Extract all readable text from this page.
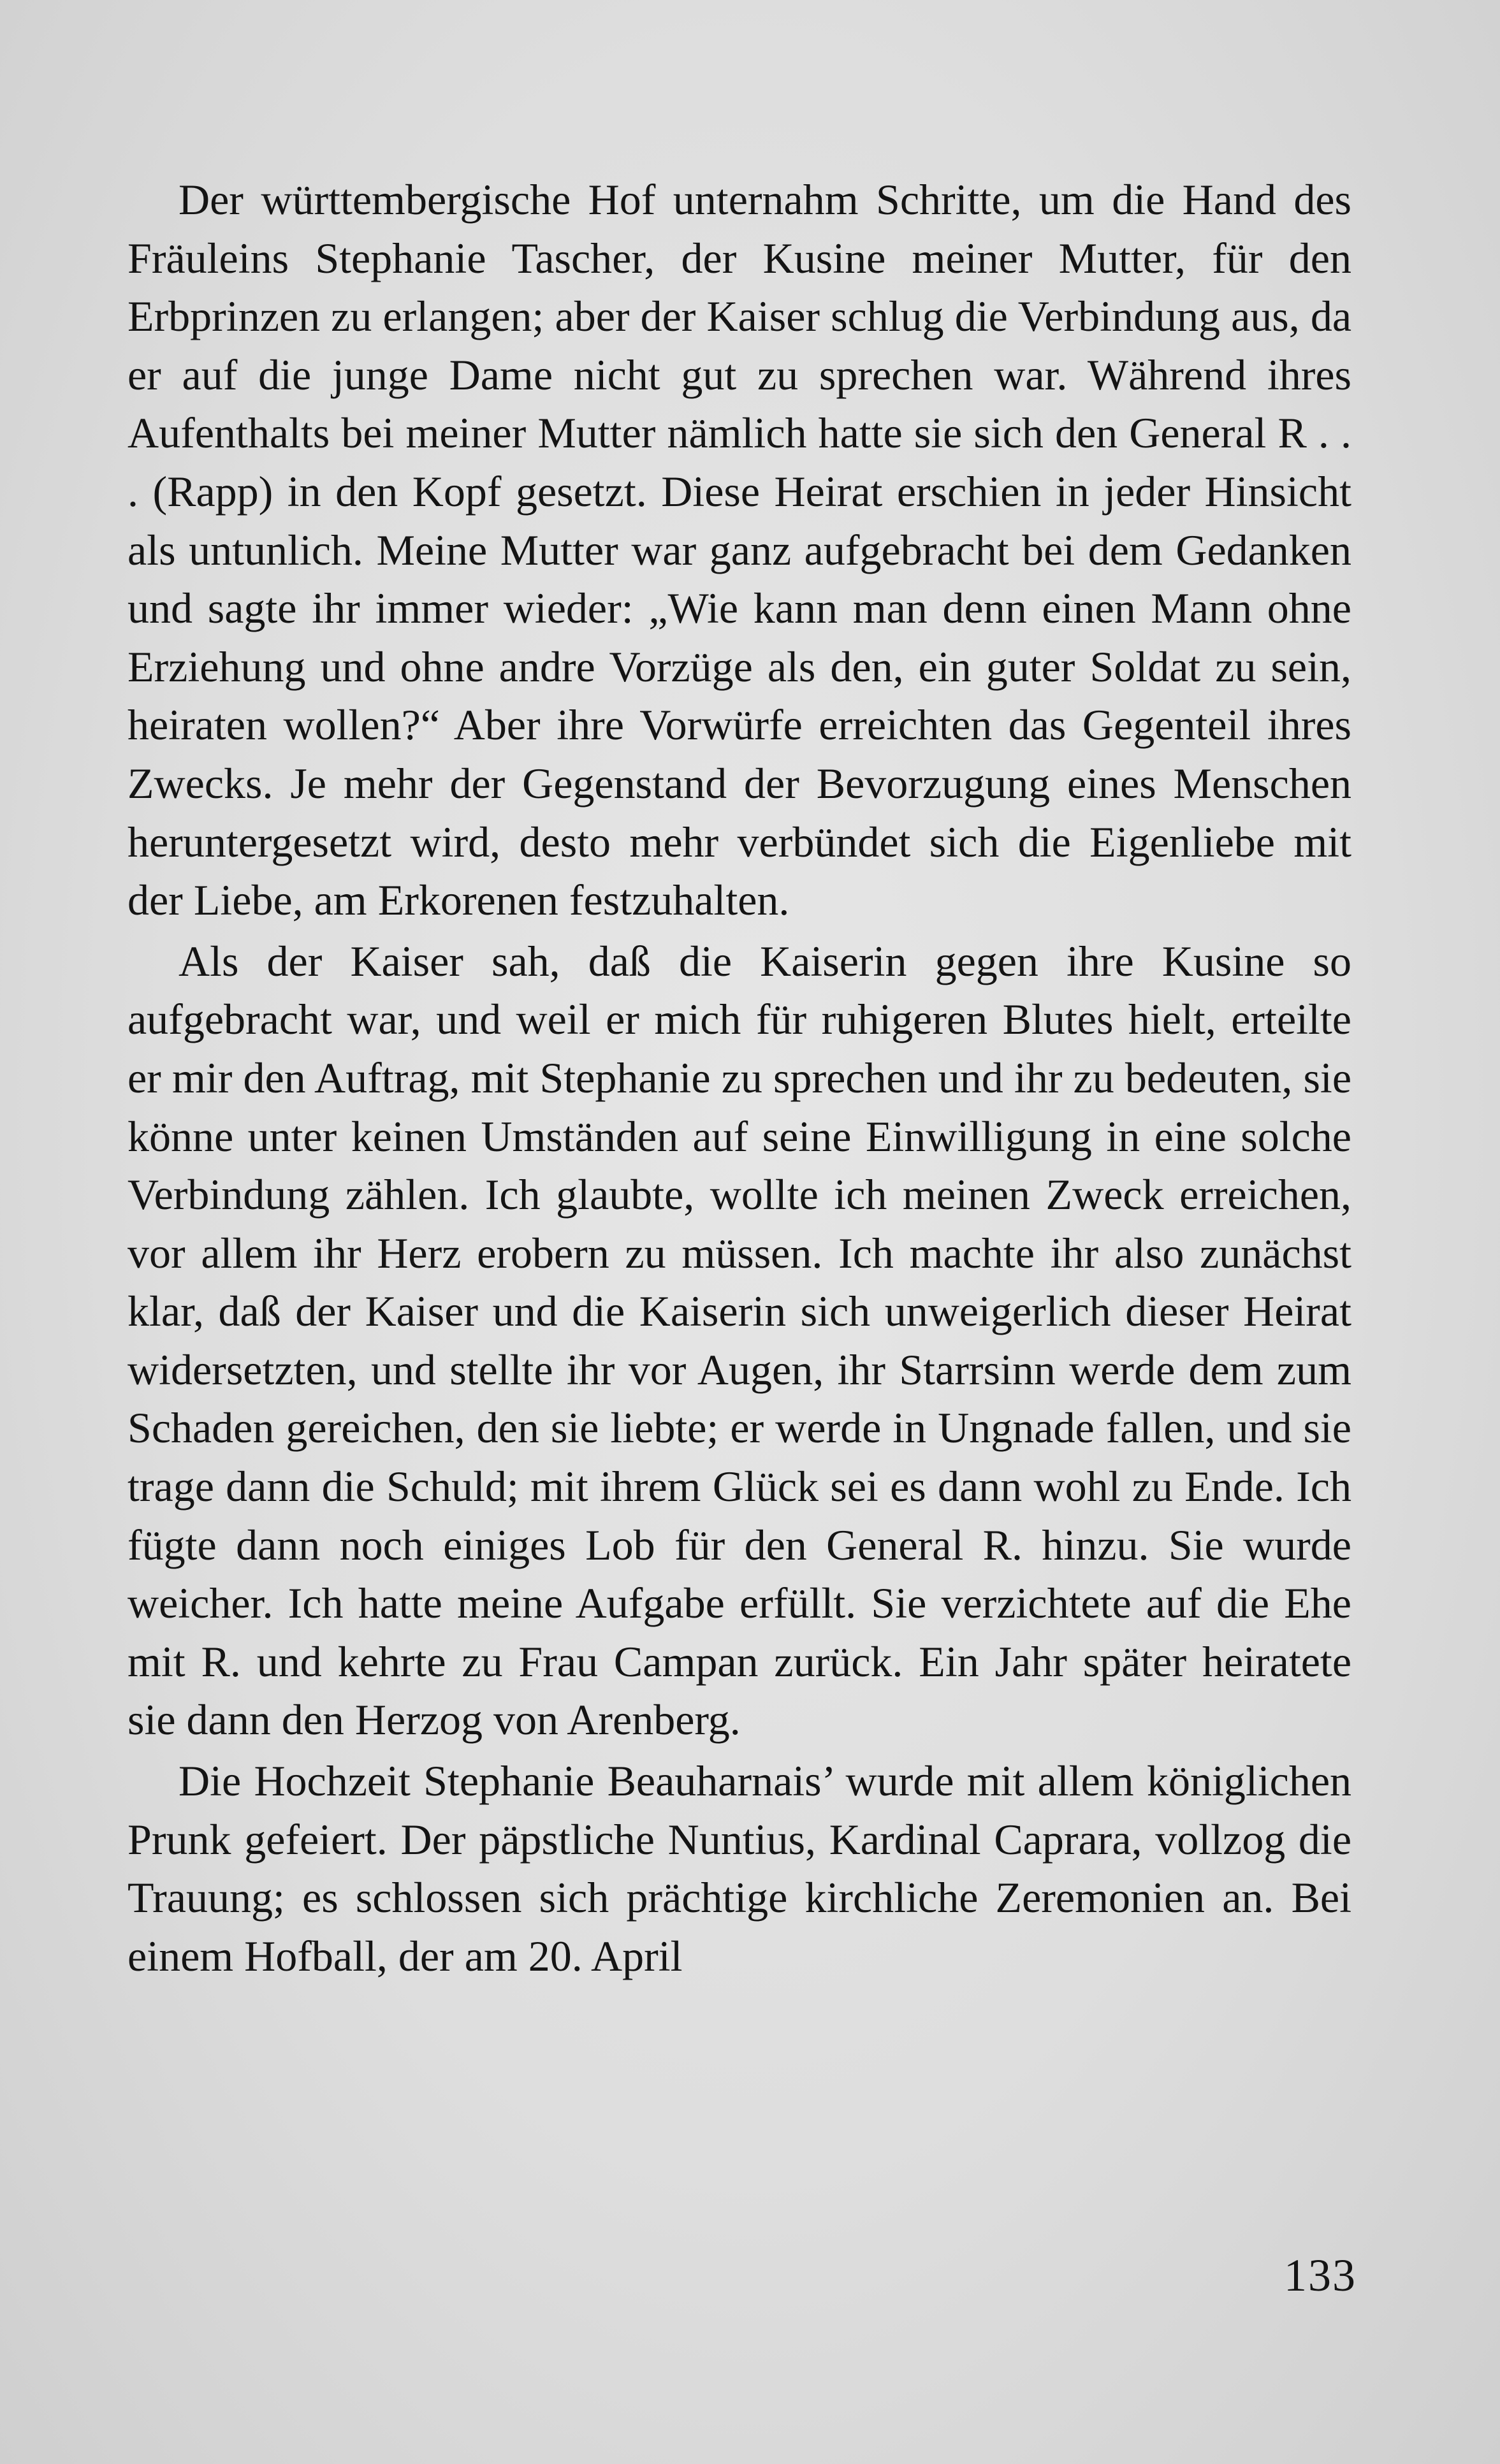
Der württembergische Hof unternahm Schritte, um die Hand des Fräuleins Stephanie Tascher, der Kusine meiner Mutter, für den Erbprinzen zu erlangen; aber der Kaiser schlug die Verbindung aus, da er auf die junge Dame nicht gut zu sprechen war. Während ihres Aufenthalts bei meiner Mutter nämlich hatte sie sich den General R . . . (Rapp) in den Kopf gesetzt. Diese Heirat erschien in jeder Hinsicht als untunlich. Meine Mutter war ganz aufgebracht bei dem Gedanken und sagte ihr immer wieder: „Wie kann man denn einen Mann ohne Erziehung und ohne andre Vorzüge als den, ein guter Soldat zu sein, heiraten wollen?“ Aber ihre Vorwürfe erreichten das Gegenteil ihres Zwecks. Je mehr der Gegenstand der Bevorzugung eines Menschen heruntergesetzt wird, desto mehr verbündet sich die Eigenliebe mit der Liebe, am Erkorenen festzuhalten.

Als der Kaiser sah, daß die Kaiserin gegen ihre Kusine so aufgebracht war, und weil er mich für ruhigeren Blutes hielt, erteilte er mir den Auftrag, mit Stephanie zu sprechen und ihr zu bedeuten, sie könne unter keinen Umständen auf seine Einwilligung in eine solche Verbindung zählen. Ich glaubte, wollte ich meinen Zweck erreichen, vor allem ihr Herz erobern zu müssen. Ich machte ihr also zunächst klar, daß der Kaiser und die Kaiserin sich unweigerlich dieser Heirat widersetzten, und stellte ihr vor Augen, ihr Starrsinn werde dem zum Schaden gereichen, den sie liebte; er werde in Ungnade fallen, und sie trage dann die Schuld; mit ihrem Glück sei es dann wohl zu Ende. Ich fügte dann noch einiges Lob für den General R. hinzu. Sie wurde weicher. Ich hatte meine Aufgabe erfüllt. Sie verzichtete auf die Ehe mit R. und kehrte zu Frau Campan zurück. Ein Jahr später heiratete sie dann den Herzog von Arenberg.

Die Hochzeit Stephanie Beauharnais’ wurde mit allem königlichen Prunk gefeiert. Der päpstliche Nuntius, Kardinal Caprara, vollzog die Trauung; es schlossen sich prächtige kirchliche Zeremonien an. Bei einem Hofball, der am 20. April

133
